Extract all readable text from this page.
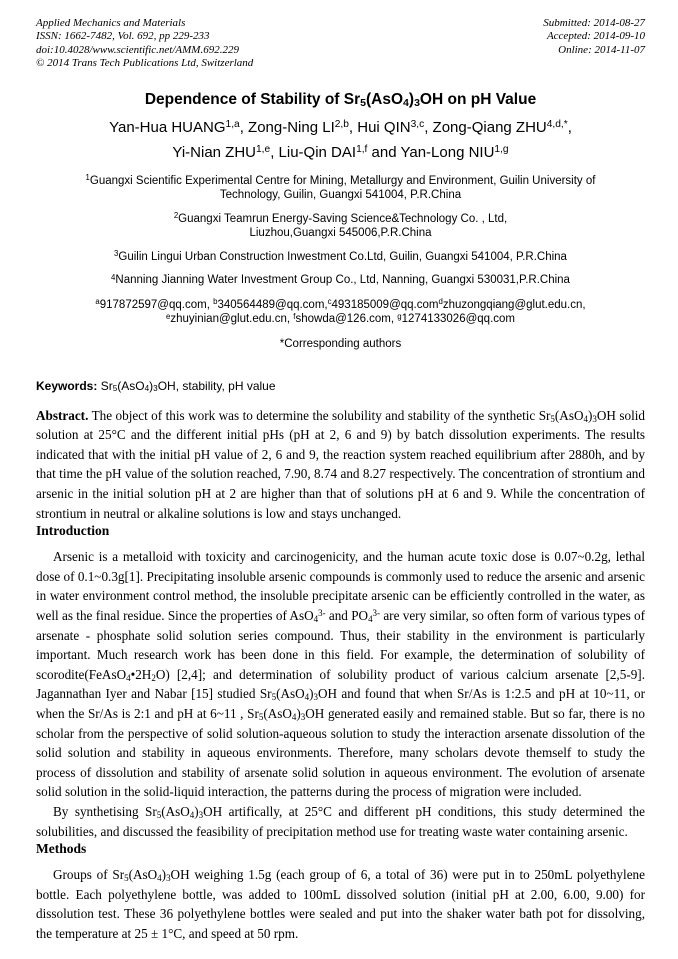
Applied Mechanics and Materials
ISSN: 1662-7482, Vol. 692, pp 229-233
doi:10.4028/www.scientific.net/AMM.692.229
© 2014 Trans Tech Publications Ltd, Switzerland
Submitted: 2014-08-27
Accepted: 2014-09-10
Online: 2014-11-07
Dependence of Stability of $Sr_5(AsO_4)_3OH$ on pH Value
Yan-Hua HUANG$^{1,a}$, Zong-Ning LI$^{2,b}$, Hui QIN$^{3,c}$, Zong-Qiang $ZHU^{4,d,*}$,
Yi-Nian ZHU$^{1,e}$, Liu-Qin DAI$^{1,f}$ and Yan-Long NIU$^{1,g}$
$^1$Guangxi Scientific Experimental Centre for Mining, Metallurgy and Environment, Guilin University of Technology, Guilin, Guangxi 541004, P.R.China
$^2$Guangxi Teamrun Energy-Saving Science&Technology Co. , Ltd, Liuzhou,Guangxi 545006,P.R.China
$^3$Guilin Lingui Urban Construction Inwestment Co.Ltd, Guilin, Guangxi 541004, P.R.China
$^4$Nanning Jianning Water Investment Group Co., Ltd, Nanning, Guangxi 530031,P.R.China
$^a$917872597@qq.com, $^b$340564489@qq.com,$^c$493185009@qq.com$^d$zhuzongqiang@glut.edu.cn, $^e$zhuyinian@glut.edu.cn, $^f$showda@126.com, $^g$1274133026@qq.com
*Corresponding authors
Keywords: $Sr_5(AsO_4)_3OH$, stability, pH value
Abstract. The object of this work was to determine the solubility and stability of the synthetic $Sr_5(AsO_4)_3OH$ solid solution at 25°C and the different initial pHs (pH at 2, 6 and 9) by batch dissolution experiments. The results indicated that with the initial pH value of 2, 6 and 9, the reaction system reached equilibrium after 2880h, and by that time the pH value of the solution reached, 7.90, 8.74 and 8.27 respectively. The concentration of strontium and arsenic in the initial solution pH at 2 are higher than that of solutions pH at 6 and 9. While the concentration of strontium in neutral or alkaline solutions is low and stays unchanged.
Introduction

Arsenic is a metalloid with toxicity and carcinogenicity, and the human acute toxic dose is 0.07~0.2g, lethal dose of 0.1~0.3g[1]. Precipitating insoluble arsenic compounds is commonly used to reduce the arsenic and arsenic in water environment control method, the insoluble precipitate arsenic can be efficiently controlled in the water, as well as the final residue. Since the properties of AsO$_4^{3-}$ and $PO_4^{3-}$ are very similar, so often form of various types of arsenate - phosphate solid solution series compound. Thus, their stability in the environment is particularly important. Much research work has been done in this field. For example, the determination of solubility of $scorodite(FeAsO_4•2H_2O)$ [2,4]; and determination of solubility product of various calcium arsenate [2,5-9]. Jagannathan Iyer and Nabar [15] studied $Sr_5(AsO_4)_3OH$ and found that when Sr/As is 1:2.5 and pH at 10~11, or when the Sr/As is 2:1 and pH at 6~11 , $Sr_5(AsO_4)_3OH$ generated easily and remained stable. But so far, there is no scholar from the perspective of solid solution-aqueous solution to study the interaction arsenate dissolution of the solid solution and stability in aqueous environments. Therefore, many scholars devote themself to study the process of dissolution and stability of arsenate solid solution in aqueous environment. The evolution of arsenate solid solution in the solid-liquid interaction, the patterns during the process of migration were included.

By synthetising $Sr_5(AsO_4)_3OH$ artifically, at 25°C and different pH conditions, this study determined the solubilities, and discussed the feasibility of precipitation method use for treating waste water containing arsenic.

Methods

Groups of $Sr_5(AsO_4)_3OH$ weighing 1.5g (each group of 6, a total of 36) were put in to 250mL polyethylene bottle. Each polyethylene bottle, was added to 100mL dissolved solution (initial pH at 2.00, 6.00, 9.00) for dissolution test. These 36 polyethylene bottles were sealed and put into the shaker water bath pot for dissolving, the temperature at 25 ± 1°C, and speed at 50 rpm.
